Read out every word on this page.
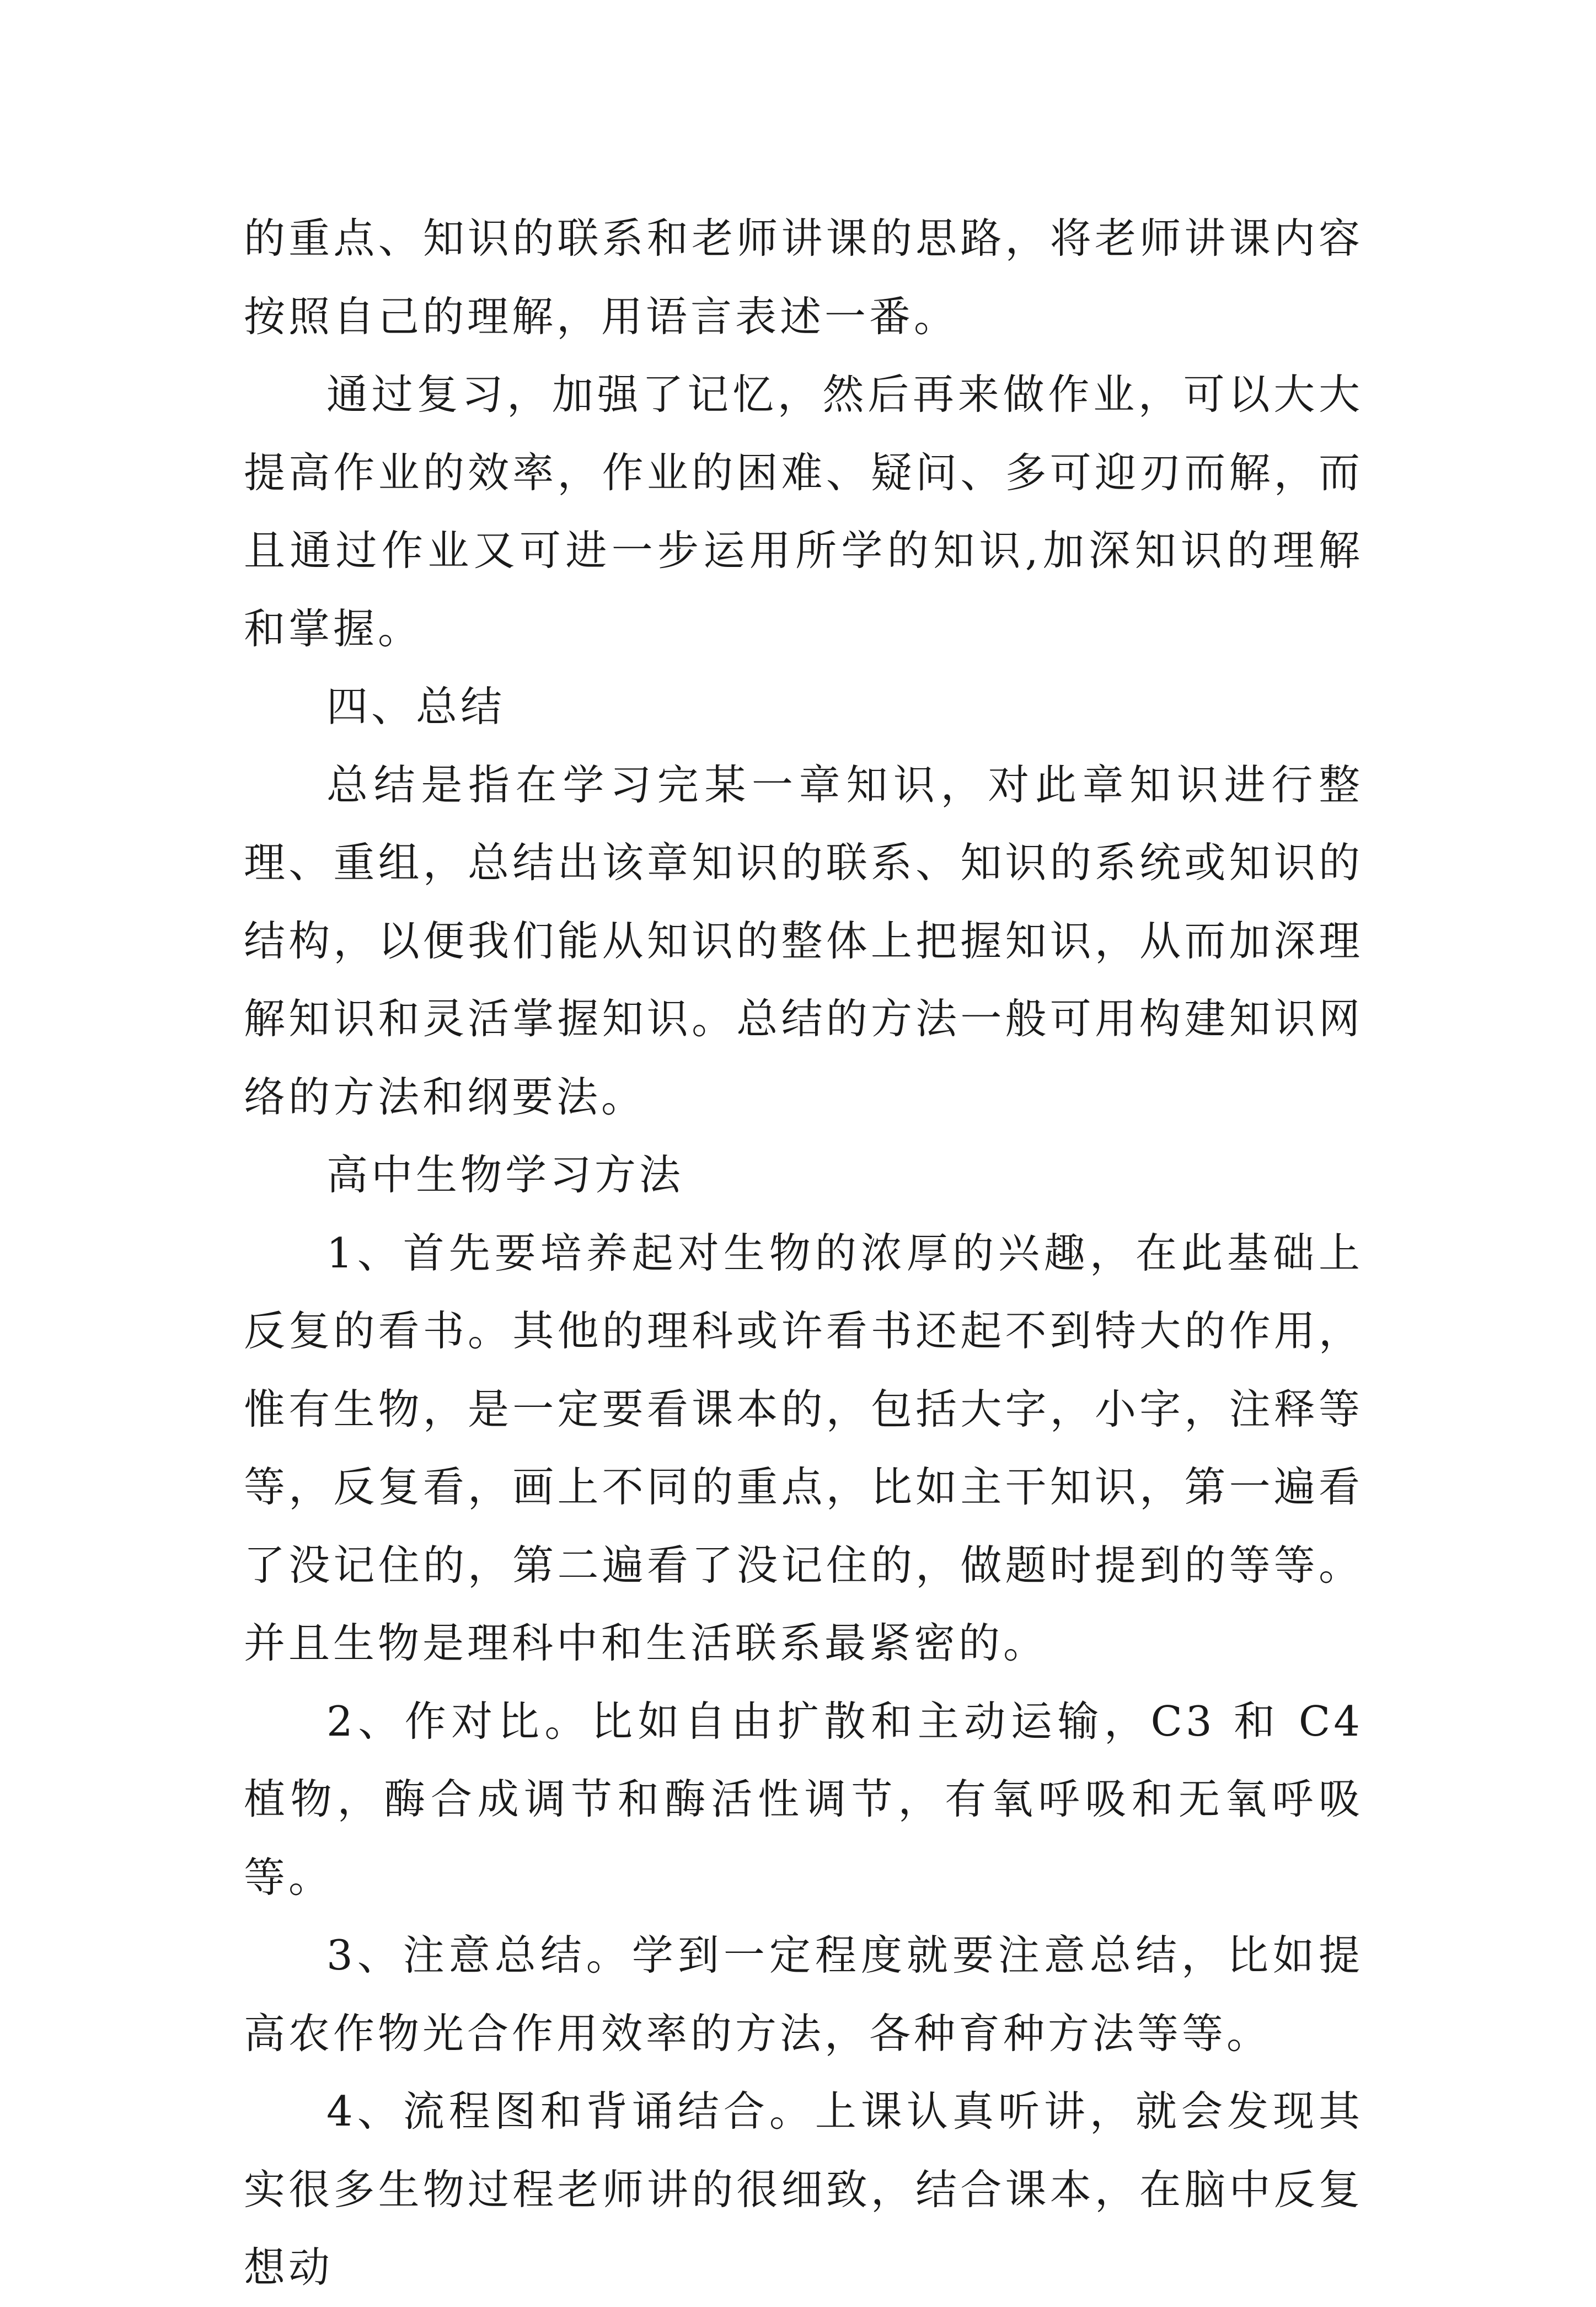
的重点、知识的联系和老师讲课的思路，将老师讲课内容按照自己的理解，用语言表述一番。

通过复习，加强了记忆，然后再来做作业，可以大大提高作业的效率，作业的困难、疑问、多可迎刃而解，而且通过作业又可进一步运用所学的知识,加深知识的理解和掌握。

四、总结

总结是指在学习完某一章知识，对此章知识进行整理、重组，总结出该章知识的联系、知识的系统或知识的结构，以便我们能从知识的整体上把握知识，从而加深理解知识和灵活掌握知识。总结的方法一般可用构建知识网络的方法和纲要法。

高中生物学习方法

1、首先要培养起对生物的浓厚的兴趣，在此基础上反复的看书。其他的理科或许看书还起不到特大的作用，惟有生物，是一定要看课本的，包括大字，小字，注释等等，反复看，画上不同的重点，比如主干知识，第一遍看了没记住的，第二遍看了没记住的，做题时提到的等等。并且生物是理科中和生活联系最紧密的。

2、作对比。比如自由扩散和主动运输，C3 和 C4 植物，酶合成调节和酶活性调节，有氧呼吸和无氧呼吸等。

3、注意总结。学到一定程度就要注意总结，比如提高农作物光合作用效率的方法，各种育种方法等等。

4、流程图和背诵结合。上课认真听讲，就会发现其实很多生物过程老师讲的很细致，结合课本，在脑中反复想动
